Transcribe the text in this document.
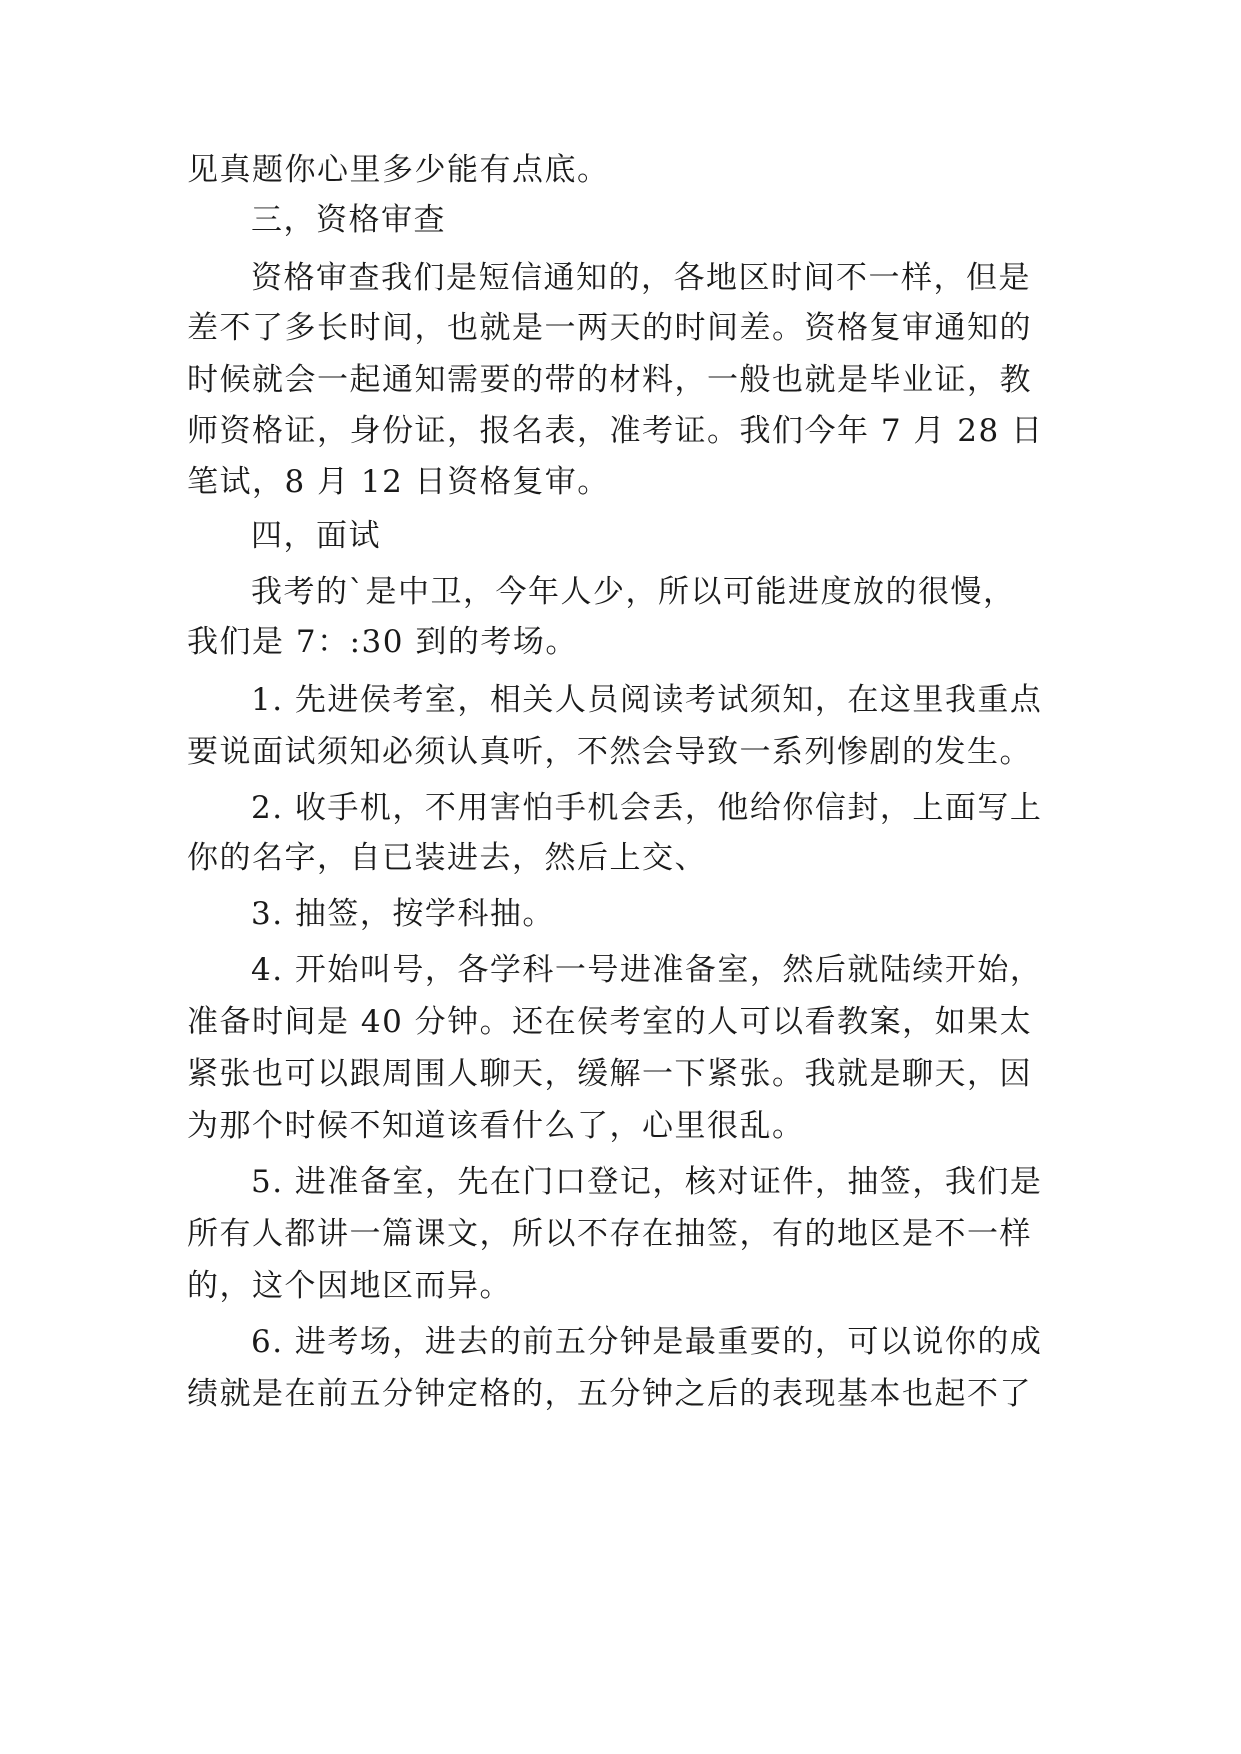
见真题你心里多少能有点底。
三，资格审查
资格审查我们是短信通知的，各地区时间不一样，但是
差不了多长时间，也就是一两天的时间差。资格复审通知的
时候就会一起通知需要的带的材料，一般也就是毕业证，教
师资格证，身份证，报名表，准考证。我们今年 7 月 28 日
笔试，8 月 12 日资格复审。
四，面试
我考的`是中卫，今年人少，所以可能进度放的很慢，
我们是 7：:30 到的考场。
1. 先进侯考室，相关人员阅读考试须知，在这里我重点
要说面试须知必须认真听，不然会导致一系列惨剧的发生。
2. 收手机，不用害怕手机会丢，他给你信封，上面写上
你的名字，自已装进去，然后上交、
3. 抽签，按学科抽。
4. 开始叫号，各学科一号进准备室，然后就陆续开始，
准备时间是 40 分钟。还在侯考室的人可以看教案，如果太
紧张也可以跟周围人聊天，缓解一下紧张。我就是聊天，因
为那个时候不知道该看什么了，心里很乱。
5. 进准备室，先在门口登记，核对证件，抽签，我们是
所有人都讲一篇课文，所以不存在抽签，有的地区是不一样
的，这个因地区而异。
6. 进考场，进去的前五分钟是最重要的，可以说你的成
绩就是在前五分钟定格的，五分钟之后的表现基本也起不了
